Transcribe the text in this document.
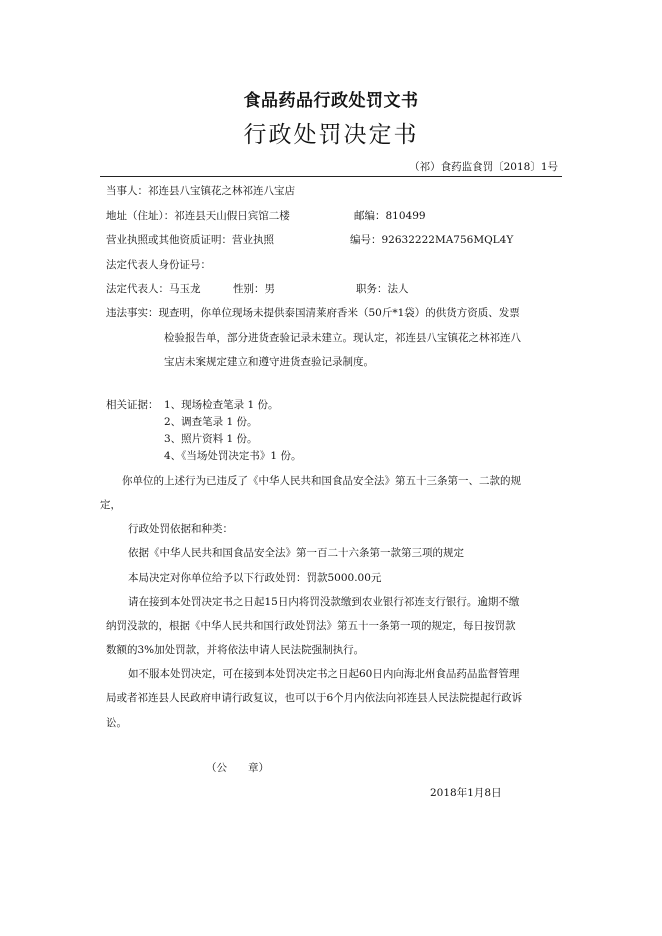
食品药品行政处罚文书
行政处罚决定书
（祁）食药监食罚〔2018〕1号
当事人：祁连县八宝镇花之林祁连八宝店
地址（住址）：祁连县天山假日宾馆二楼	邮编：810499
营业执照或其他资质证明：营业执照	编号：92632222MA756MQL4Y
法定代表人身份证号：
法定代表人：马玉龙	性别：男	职务：法人
违法事实：现查明，你单位现场未提供泰国清莱府香米（50斤*1袋）的供货方资质、发票
检验报告单，部分进货查验记录未建立。现认定，祁连县八宝镇花之林祁连八
宝店未案规定建立和遵守进货查验记录制度。
相关证据： 1、现场检查笔录 1 份。
2、调查笔录 1 份。
3、照片资料 1 份。
4、《当场处罚决定书》1 份。
你单位的上述行为已违反了《中华人民共和国食品安全法》第五十三条第一、二款的规
定，
行政处罚依据和种类：
依据《中华人民共和国食品安全法》第一百二十六条第一款第三项的规定
本局决定对你单位给予以下行政处罚：罚款5000.00元
请在接到本处罚决定书之日起15日内将罚没款缴到农业银行祁连支行银行。逾期不缴
纳罚没款的，根据《中华人民共和国行政处罚法》第五十一条第一项的规定，每日按罚款
数额的3%加处罚款，并将依法申请人民法院强制执行。
如不服本处罚决定，可在接到本处罚决定书之日起60日内向海北州食品药品监督管理
局或者祁连县人民政府申请行政复议，也可以于6个月内依法向祁连县人民法院提起行政诉
讼。
（公　　章）
2018年1月8日
